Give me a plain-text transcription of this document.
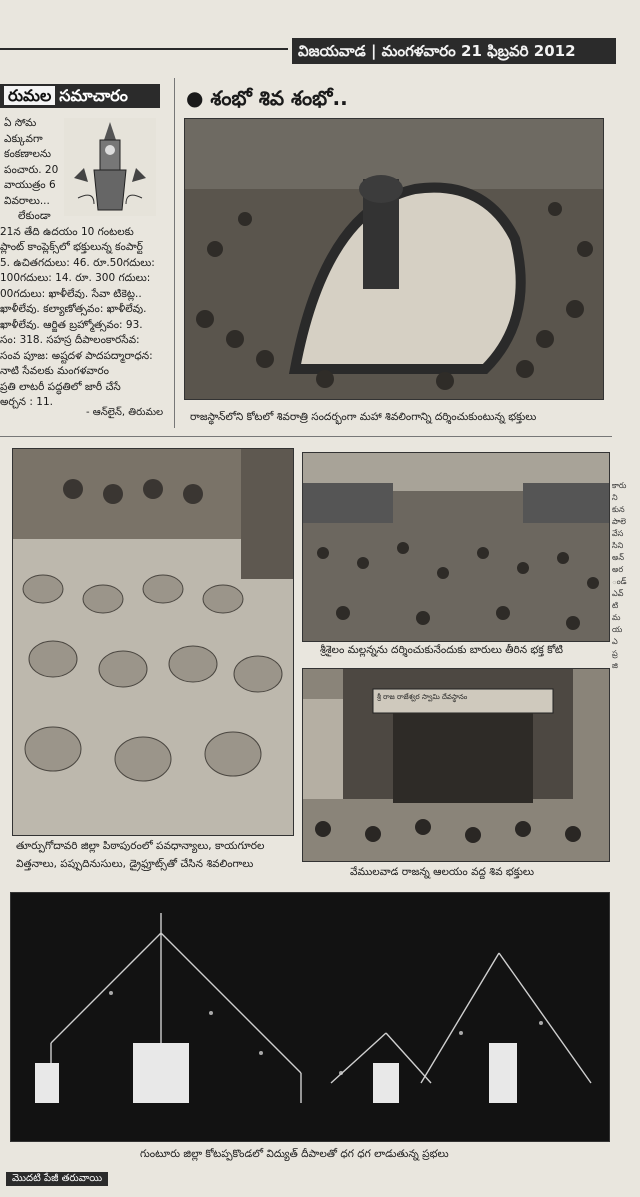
విజయవాడ | మంగళవారం 21 ఫిబ్రవరి 2012
రుమల సమాచారం
ఏ సోమ
ఎక్కువగా
కంకణాలను
పంచారు. 20
వాయుత్రం 6
వివరాలు...
లేకుండా
21న తేది ఉదయం 10 గంటలకు
ప్లాంట్ కాంప్లెక్స్‌లో భక్తులున్న కంపార్ట్
5. ఉచితగదులు: 46. రూ.50గదులు:
100గదులు: 14. రూ. 300 గదులు:
00గదులు: ఖాళీలేవు. సేవా టికెట్ల..
ఖాళీలేవు. కల్యాణోత్సవం: ఖాళీలేవు.
ఖాళీలేవు. ఆర్జిత బ్రహ్మోత్సవం: 93.
సం: 318. సహస్ర దీపాలంకారసేవ:
సంవ పూజ: అష్టదళ పాదపద్మారాధన:
నాటి సేవలకు మంగళవారం
ప్రతి లాటరీ పద్ధతిలో జారీ చేసే
అర్చన : 11.
- ఆన్‌లైన్, తిరుమల
● శంభో శివ శంభో..
రాజస్థాన్‌లోని కోటలో శివరాత్రి సందర్భంగా మహా శివలింగాన్ని దర్శించుకుంటున్న భక్తులు
తూర్పుగోదావరి జిల్లా పిఠాపురంలో పవధాన్యాలు, కాయగూరల
విత్తనాలు, పప్పుదినుసులు, డ్రైఫ్రూట్స్‌తో చేసిన శివలింగాలు
శ్రీశైలం మల్లన్నను దర్శించుకునేందుకు బారులు తీరిన భక్త కోటి
శ్రీ రాజ రాజేశ్వర స్వామి దేవస్థానం
వేములవాడ రాజన్న ఆలయం వద్ద శివ భక్తులు
గుంటూరు జిల్లా కోటప్పకొండలో విద్యుత్ దీపాలతో ధగ ధగ లాడుతున్న ప్రభలు
కారు
ని
కున
పాలె
వేస
సిని
అన్
అర
ండ్
ఎవ్
టి
మ
య
ఎ
ప్ర
జి
మొదటి పేజీ తరువాయి
